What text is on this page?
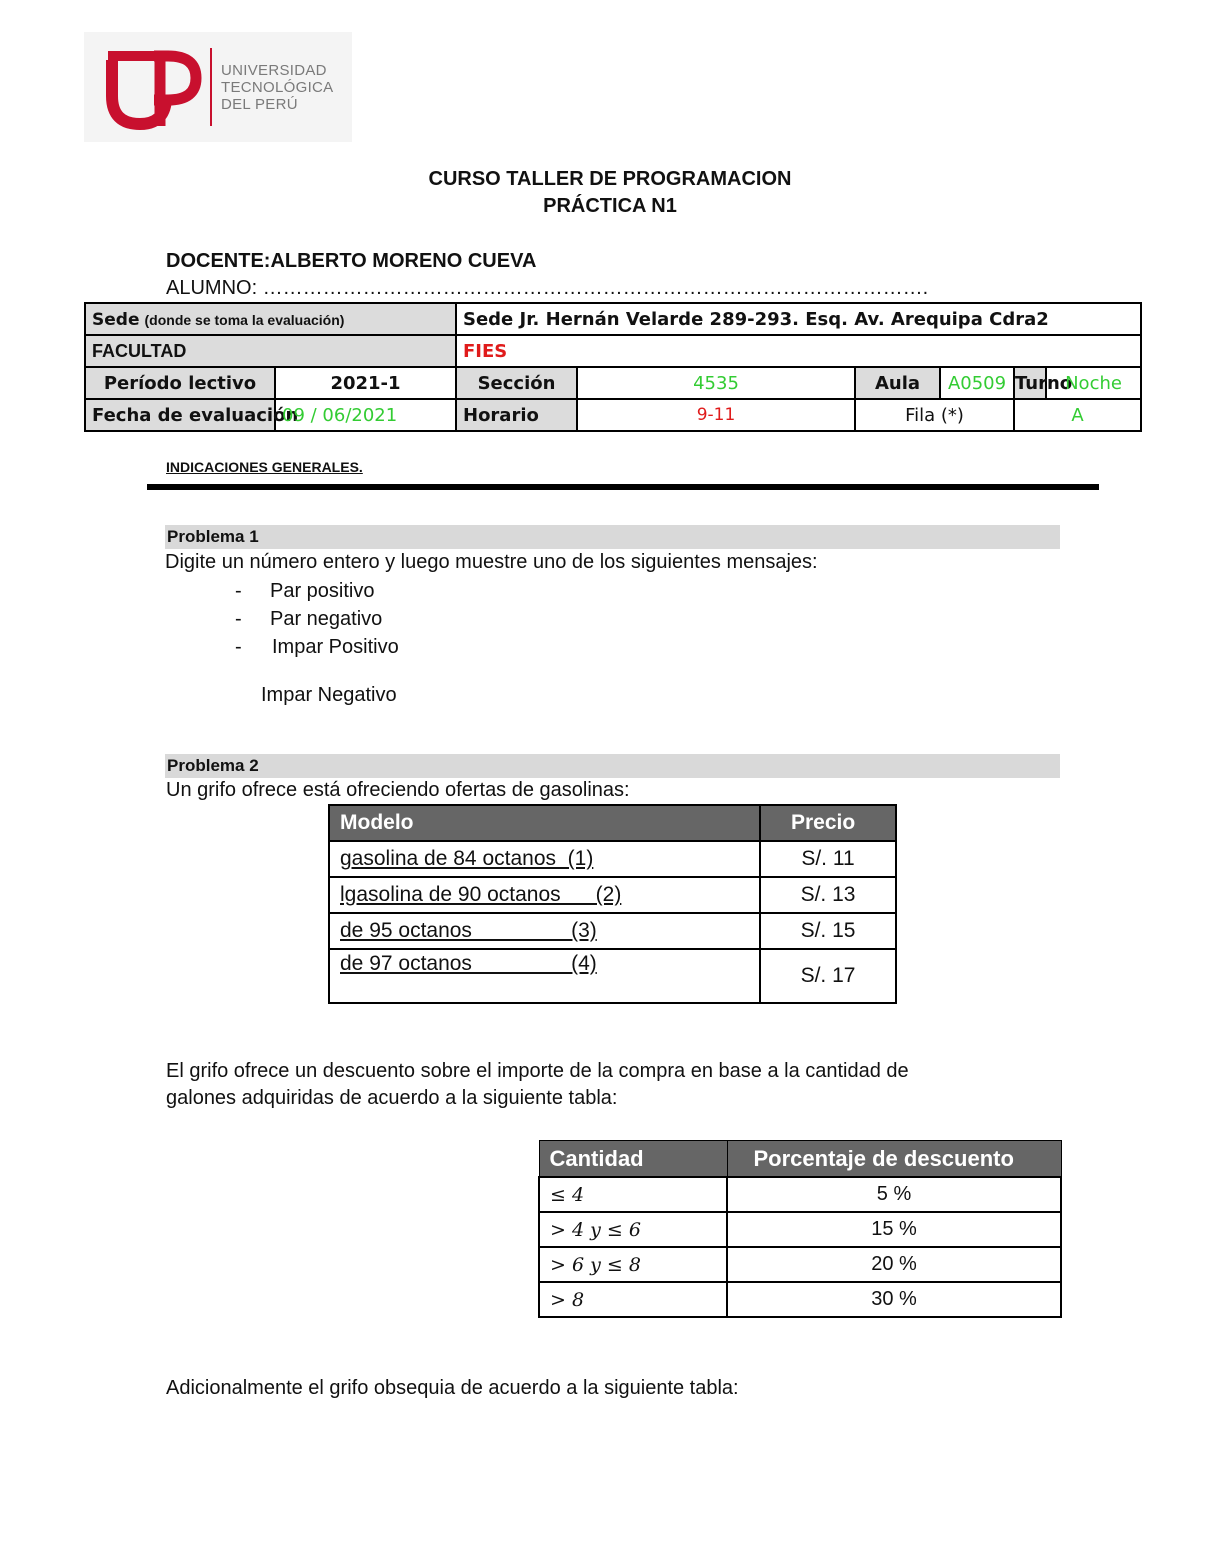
UNIVERSIDAD
TECNOLÓGICA
DEL PERÚ
CURSO TALLER DE PROGRAMACION
PRÁCTICA N1
DOCENTE:ALBERTO MORENO CUEVA
ALUMNO: ……………………………………………………………………………………….
Sede (donde se toma la evaluación)		Sede Jr. Hernán Velarde 289-293. Esq. Av. Arequipa Cdra2					
FACULTAD		FIES					
Período lectivo	2021-1	Sección	4535	Aula	A0509	Turno	Noche
Fecha de evaluación	09 / 06/2021	Horario	9-11	Fila (*)		A	
INDICACIONES GENERALES.
Problema 1
Digite un número entero y luego muestre uno de los siguientes mensajes:
- Par positivo
- Par negativo
- Impar Positivo
Impar Negativo
Problema 2
Un grifo ofrece está ofreciendo ofertas de gasolinas:
Modelo	Precio
gasolina de 84 octanos  (1)	S/. 11
lgasolina de 90 octanos      (2)	S/. 13
de 95 octanos                 (3)	S/. 15
de 97 octanos                 (4)	S/. 17
El grifo ofrece un descuento sobre el importe de la compra en base a la cantidad de
galones adquiridas de acuerdo a la siguiente tabla:
Cantidad	Porcentaje de descuento
≤ 4	5 %
> 4 y ≤ 6	15 %
> 6 y ≤ 8	20 %
> 8	30 %
Adicionalmente el grifo obsequia de acuerdo a la siguiente tabla:
